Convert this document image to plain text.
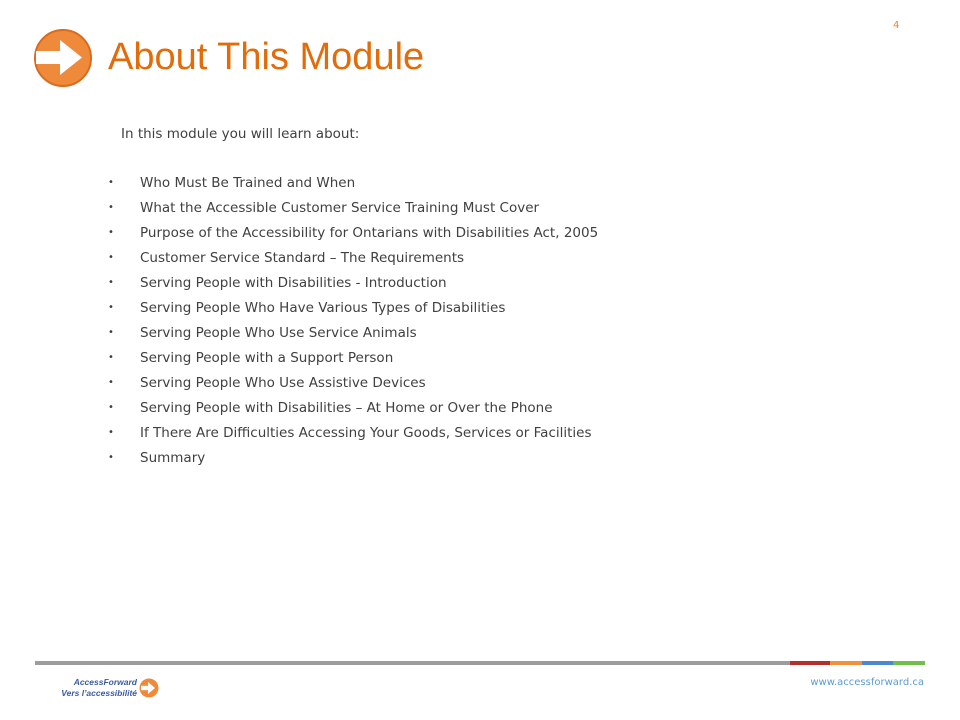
About This Module
4
In this module you will learn about:
• Who Must Be Trained and When
• What the Accessible Customer Service Training Must Cover
• Purpose of the Accessibility for Ontarians with Disabilities Act, 2005
• Customer Service Standard – The Requirements
• Serving People with Disabilities - Introduction
• Serving People Who Have Various Types of Disabilities
• Serving People Who Use Service Animals
• Serving People with a Support Person
• Serving People Who Use Assistive Devices
• Serving People with Disabilities – At Home or Over the Phone
• If There Are Difficulties Accessing Your Goods, Services or Facilities
• Summary
AccessForward
Vers l’accessibilité
www.accessforward.ca
